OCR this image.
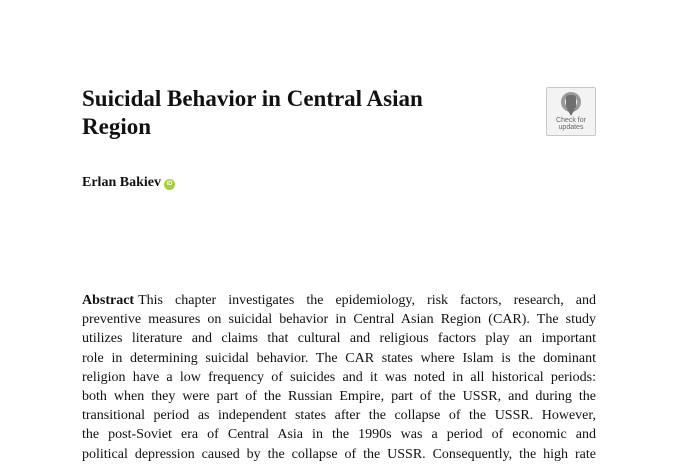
Suicidal Behavior in Central Asian
Region	Check for
updates
Erlan Bakiev iD
Abstract This chapter investigates the epidemiology, risk factors, research, and
preventive measures on suicidal behavior in Central Asian Region (CAR). The study
utilizes literature and claims that cultural and religious factors play an important
role in determining suicidal behavior. The CAR states where Islam is the dominant
religion have a low frequency of suicides and it was noted in all historical periods:
both when they were part of the Russian Empire, part of the USSR, and during the
transitional period as independent states after the collapse of the USSR. However,
the post-Soviet era of Central Asia in the 1990s was a period of economic and
political depression caused by the collapse of the USSR. Consequently, the high rate
